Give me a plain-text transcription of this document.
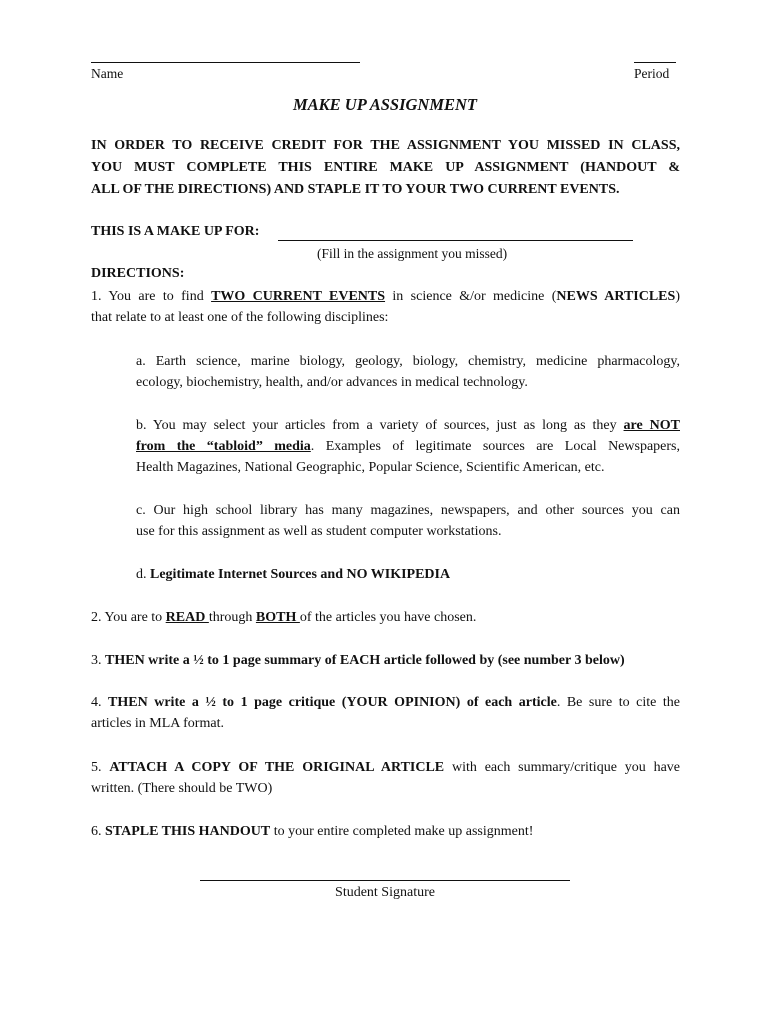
Name	Period
MAKE UP ASSIGNMENT
IN ORDER TO RECEIVE CREDIT FOR THE ASSIGNMENT YOU MISSED IN CLASS,
YOU MUST COMPLETE THIS ENTIRE MAKE UP ASSIGNMENT (HANDOUT &
ALL OF THE DIRECTIONS) AND STAPLE IT TO YOUR TWO CURRENT EVENTS.
THIS IS A MAKE UP FOR:
(Fill in the assignment you missed)
DIRECTIONS:
1. You are to find TWO CURRENT EVENTS in science &/or medicine (NEWS ARTICLES)
that relate to at least one of the following disciplines:
a. Earth science, marine biology, geology, biology, chemistry, medicine pharmacology,
ecology, biochemistry, health, and/or advances in medical technology.
b. You may select your articles from a variety of sources, just as long as they are NOT
from the “tabloid” media. Examples of legitimate sources are Local Newspapers,
Health Magazines, National Geographic, Popular Science, Scientific American, etc.
c. Our high school library has many magazines, newspapers, and other sources you can
use for this assignment as well as student computer workstations.
d. Legitimate Internet Sources and NO WIKIPEDIA
2. You are to READ through BOTH of the articles you have chosen.
3. THEN write a ½ to 1 page summary of EACH article followed by (see number 3 below)
4. THEN write a ½ to 1 page critique (YOUR OPINION) of each article. Be sure to cite the
articles in MLA format.
5. ATTACH A COPY OF THE ORIGINAL ARTICLE with each summary/critique you have
written. (There should be TWO)
6. STAPLE THIS HANDOUT to your entire completed make up assignment!
Student Signature
